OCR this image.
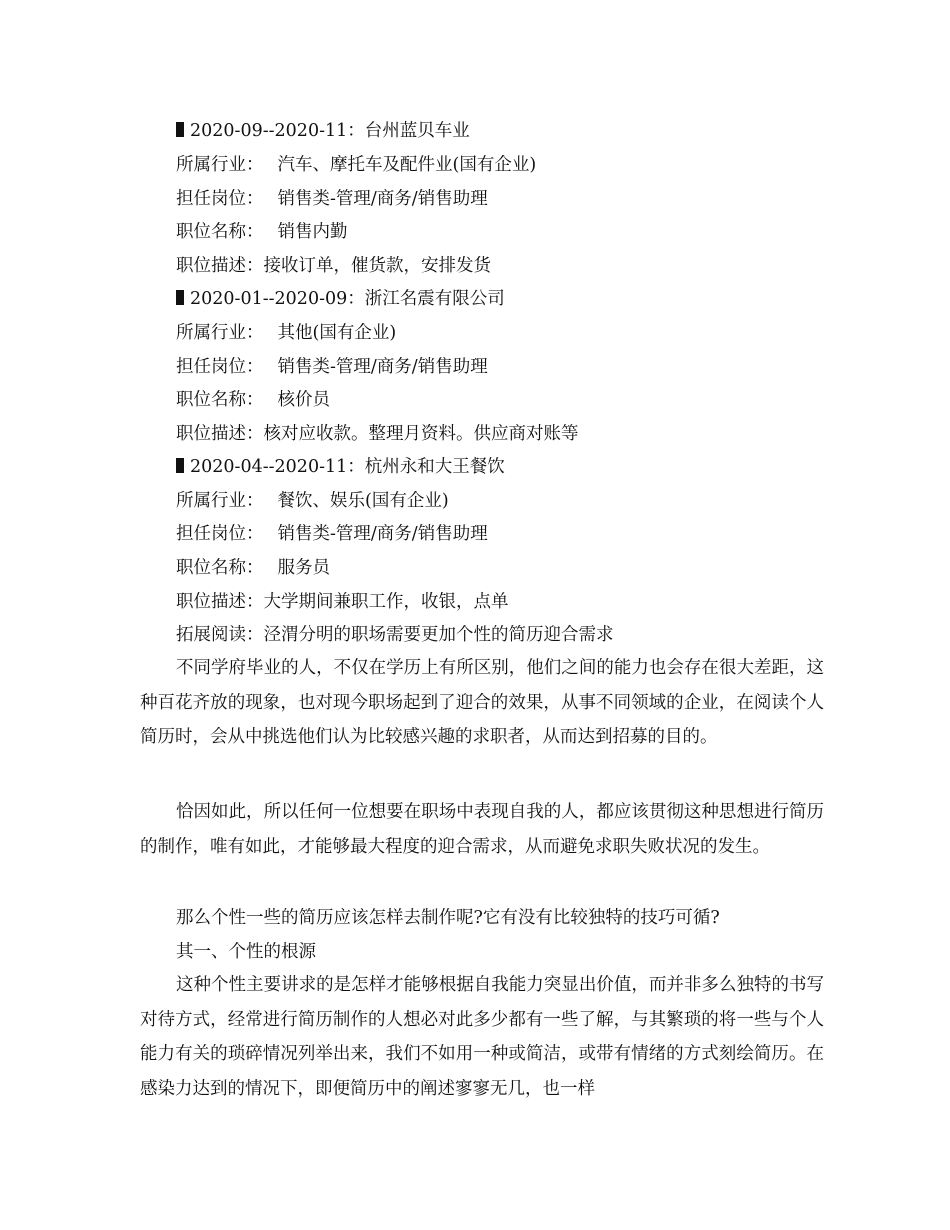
2020-09--2020-11：台州蓝贝车业
所属行业： 汽车、摩托车及配件业(国有企业)
担任岗位： 销售类-管理/商务/销售助理
职位名称： 销售内勤
职位描述：接收订单，催货款，安排发货
2020-01--2020-09：浙江名震有限公司
所属行业： 其他(国有企业)
担任岗位： 销售类-管理/商务/销售助理
职位名称： 核价员
职位描述：核对应收款。整理月资料。供应商对账等
2020-04--2020-11：杭州永和大王餐饮
所属行业： 餐饮、娱乐(国有企业)
担任岗位： 销售类-管理/商务/销售助理
职位名称： 服务员
职位描述：大学期间兼职工作，收银，点单
拓展阅读：泾渭分明的职场需要更加个性的简历迎合需求

不同学府毕业的人，不仅在学历上有所区别，他们之间的能力也会存在很大差距，这种百花齐放的现象，也对现今职场起到了迎合的效果，从事不同领域的企业，在阅读个人简历时，会从中挑选他们认为比较感兴趣的求职者，从而达到招募的目的。

恰因如此，所以任何一位想要在职场中表现自我的人，都应该贯彻这种思想进行简历的制作，唯有如此，才能够最大程度的迎合需求，从而避免求职失败状况的发生。

那么个性一些的简历应该怎样去制作呢?它有没有比较独特的技巧可循?
其一、个性的根源

这种个性主要讲求的是怎样才能够根据自我能力突显出价值，而并非多么独特的书写对待方式，经常进行简历制作的人想必对此多少都有一些了解，与其繁琐的将一些与个人能力有关的琐碎情况列举出来，我们不如用一种或简洁，或带有情绪的方式刻绘简历。在感染力达到的情况下，即便简历中的阐述寥寥无几，也一样
